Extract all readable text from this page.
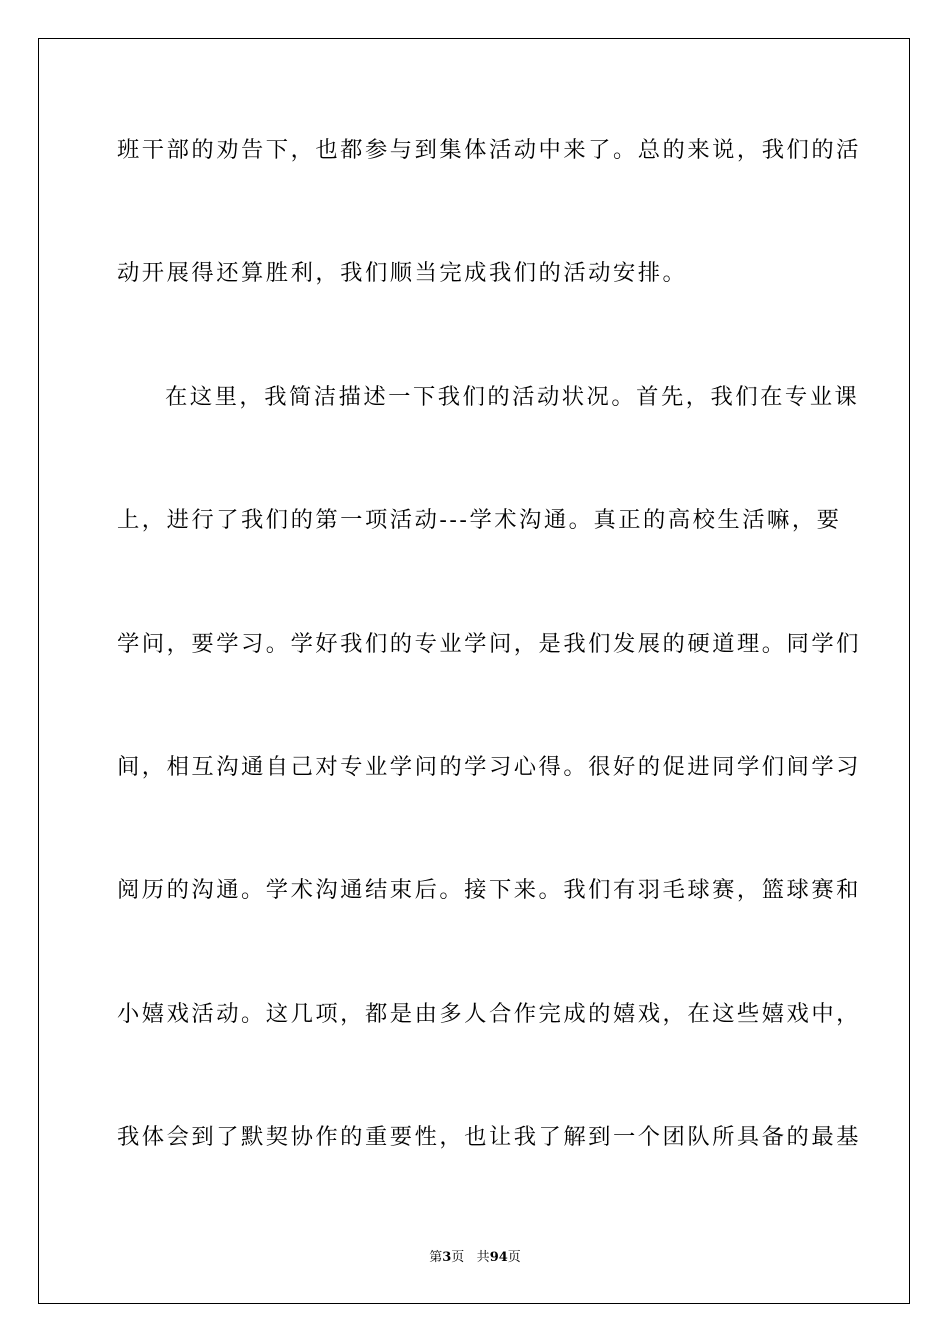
班干部的劝告下，也都参与到集体活动中来了。总的来说，我们的活
动开展得还算胜利，我们顺当完成我们的活动安排。
在这里，我简洁描述一下我们的活动状况。首先，我们在专业课
上，进行了我们的第一项活动---学术沟通。真正的高校生活嘛，要
学问，要学习。学好我们的专业学问，是我们发展的硬道理。同学们
间，相互沟通自己对专业学问的学习心得。很好的促进同学们间学习
阅历的沟通。学术沟通结束后。接下来。我们有羽毛球赛，篮球赛和
小嬉戏活动。这几项，都是由多人合作完成的嬉戏，在这些嬉戏中，
我体会到了默契协作的重要性，也让我了解到一个团队所具备的最基
第3页 共94页
